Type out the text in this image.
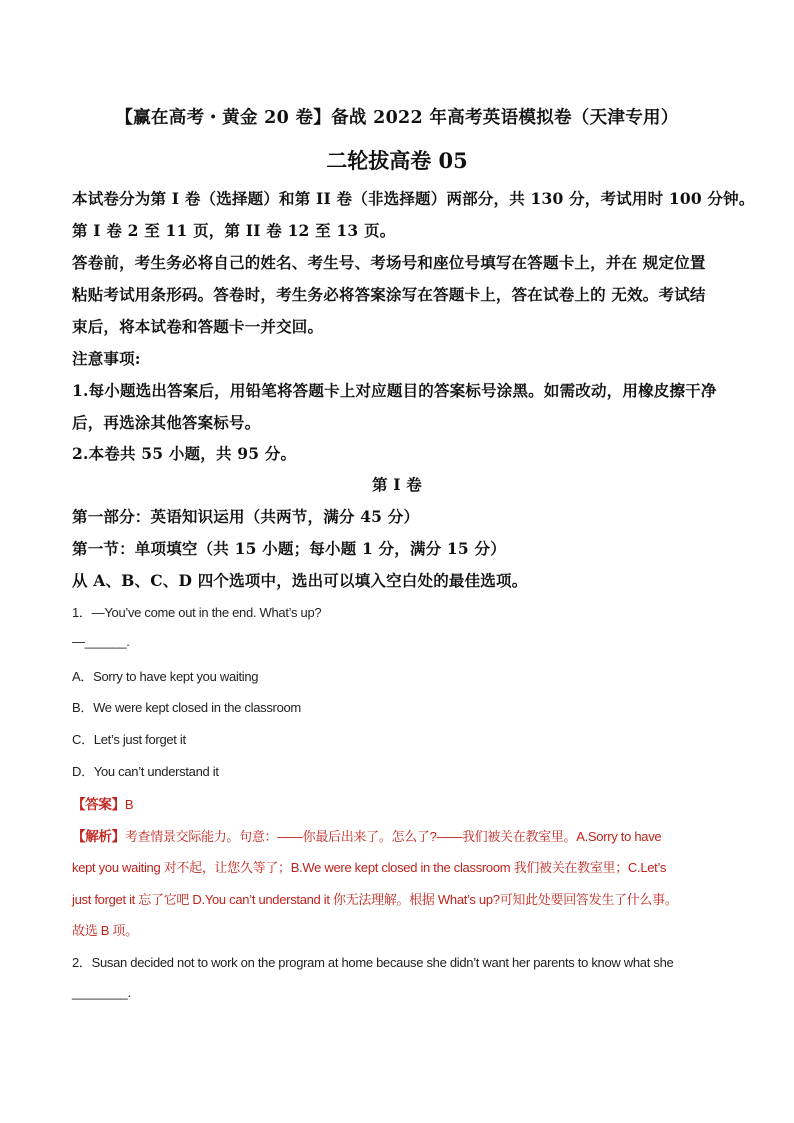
【赢在高考・黄金 20 卷】备战 2022 年高考英语模拟卷（天津专用）
二轮拔高卷 05
本试卷分为第 I 卷（选择题）和第 II 卷（非选择题）两部分，共 130 分，考试用时 100 分钟。
第 I 卷 2 至 11 页，第 II 卷 12 至 13 页。
答卷前，考生务必将自己的姓名、考生号、考场号和座位号填写在答题卡上，并在 规定位置
粘贴考试用条形码。答卷时，考生务必将答案涂写在答题卡上，答在试卷上的 无效。考试结
束后，将本试卷和答题卡一并交回。
注意事项:
1.每小题选出答案后，用铅笔将答题卡上对应题目的答案标号涂黑。如需改动，用橡皮擦干净
后，再选涂其他答案标号。
2.本卷共 55 小题，共 95 分。
第 I 卷
第一部分：英语知识运用（共两节，满分 45 分）
第一节：单项填空（共 15 小题；每小题 1 分，满分 15 分）
从 A、B、C、D 四个选项中，选出可以填入空白处的最佳选项。
1．—You’ve come out in the end. What’s up?
—______.
A．Sorry to have kept you waiting
B．We were kept closed in the classroom
C．Let’s just forget it
D．You can’t understand it
【答案】B
【解析】考查情景交际能力。句意：——你最后出来了。怎么了?——我们被关在教室里。A.Sorry to have
kept you waiting 对不起，让您久等了；B.We were kept closed in the classroom 我们被关在教室里；C.Let’s
just forget it 忘了它吧 D.You can’t understand it 你无法理解。根据 What’s up?可知此处要回答发生了什么事。
故选 B 项。
2．Susan decided not to work on the program at home because she didn’t want her parents to know what she
________.
